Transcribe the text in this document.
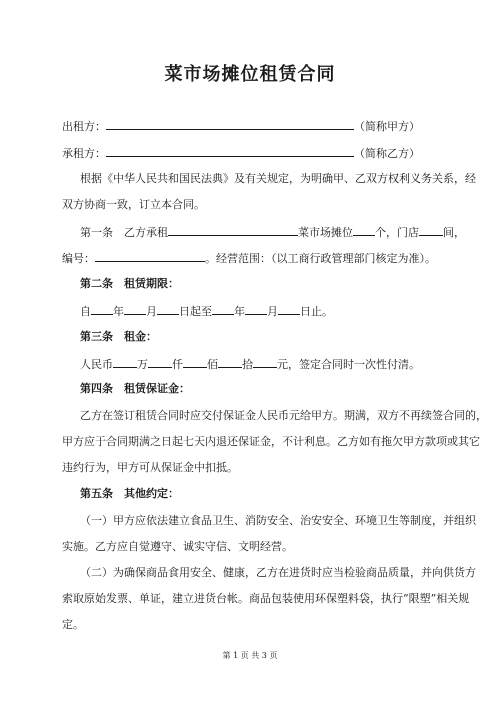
菜市场摊位租赁合同
出租方：	（简称甲方）
承租方：	（简称乙方）
根据《中华人民共和国民法典》及有关规定，为明确甲、乙双方权利义务关系，经
双方协商一致，订立本合同。
第一条　乙方承租	菜市场摊位 个，门店 间，
编号：	。经营范围：（以工商行政管理部门核定为准）。
第二条　租赁期限：
自 年 月 日起至 年 月 日止。
第三条　租金：
人民币 万 仟 佰 拾 元，签定合同时一次性付清。
第四条　租赁保证金：
乙方在签订租赁合同时应交付保证金人民币元给甲方。期满，双方不再续签合同的，
甲方应于合同期满之日起七天内退还保证金，不计利息。乙方如有拖欠甲方款项或其它
违约行为，甲方可从保证金中扣抵。
第五条　其他约定：
（一）甲方应依法建立食品卫生、消防安全、治安安全、环境卫生等制度，并组织
实施。乙方应自觉遵守、诚实守信、文明经营。
（二）为确保商品食用安全、健康，乙方在进货时应当检验商品质量，并向供货方
索取原始发票、单证，建立进货台帐。商品包装使用环保塑料袋，执行“限塑”相关规
定。
第 1 页 共 3 页
